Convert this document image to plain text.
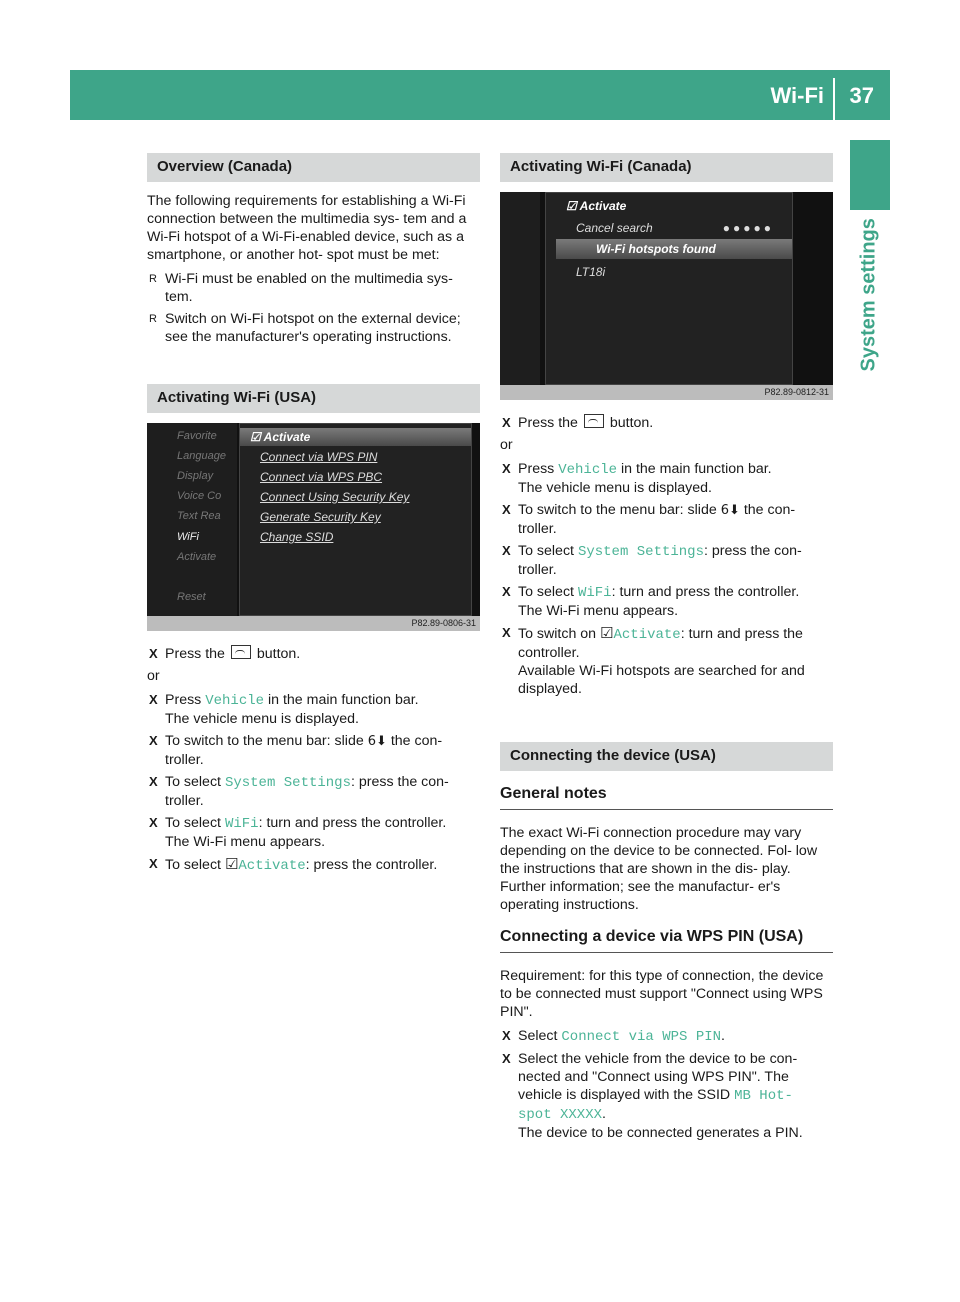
Wi-Fi 37
System settings
Overview (Canada)

The following requirements for establishing a Wi-Fi connection between the multimedia sys- tem and a Wi-Fi hotspot of a Wi-Fi-enabled device, such as a smartphone, or another hot- spot must be met:

R Wi-Fi must be enabled on the multimedia sys- tem.
R Switch on Wi-Fi hotspot on the external device; see the manufacturer's operating instructions.
Activating Wi-Fi (USA)
Favorite
Language
Display
Voice Co
Text Rea
WiFi
Activate
Reset
☑ Activate
Connect via WPS PIN
Connect via WPS PBC
Connect Using Security Key
Generate Security Key
Change SSID
P82.89-0806-31
X Press the button.

or

X Press Vehicle in the main function bar.
The vehicle menu is displayed.
X To switch to the menu bar: slide 6⬇ the con- troller.
X To select System Settings: press the con- troller.
X To select WiFi: turn and press the controller.
The Wi-Fi menu appears.
X To select ☑Activate: press the controller.
Activating Wi-Fi (Canada)
☑ Activate
Cancel search	●●●●●
Wi-Fi hotspots found
LT18i
P82.89-0812-31
X Press the button.

or

X Press Vehicle in the main function bar.
The vehicle menu is displayed.
X To switch to the menu bar: slide 6⬇ the con- troller.
X To select System Settings: press the con- troller.
X To select WiFi: turn and press the controller.
The Wi-Fi menu appears.
X To switch on ☑Activate: turn and press the controller.
Available Wi-Fi hotspots are searched for and displayed.
Connecting the device (USA)
General notes

The exact Wi-Fi connection procedure may vary depending on the device to be connected. Fol- low the instructions that are shown in the dis- play. Further information; see the manufactur- er's operating instructions.

Connecting a device via WPS PIN (USA)

Requirement: for this type of connection, the device to be connected must support "Connect using WPS PIN".

X Select Connect via WPS PIN.
X Select the vehicle from the device to be con- nected and "Connect using WPS PIN". The vehicle is displayed with the SSID MB Hot‐ spot XXXXX.
The device to be connected generates a PIN.
